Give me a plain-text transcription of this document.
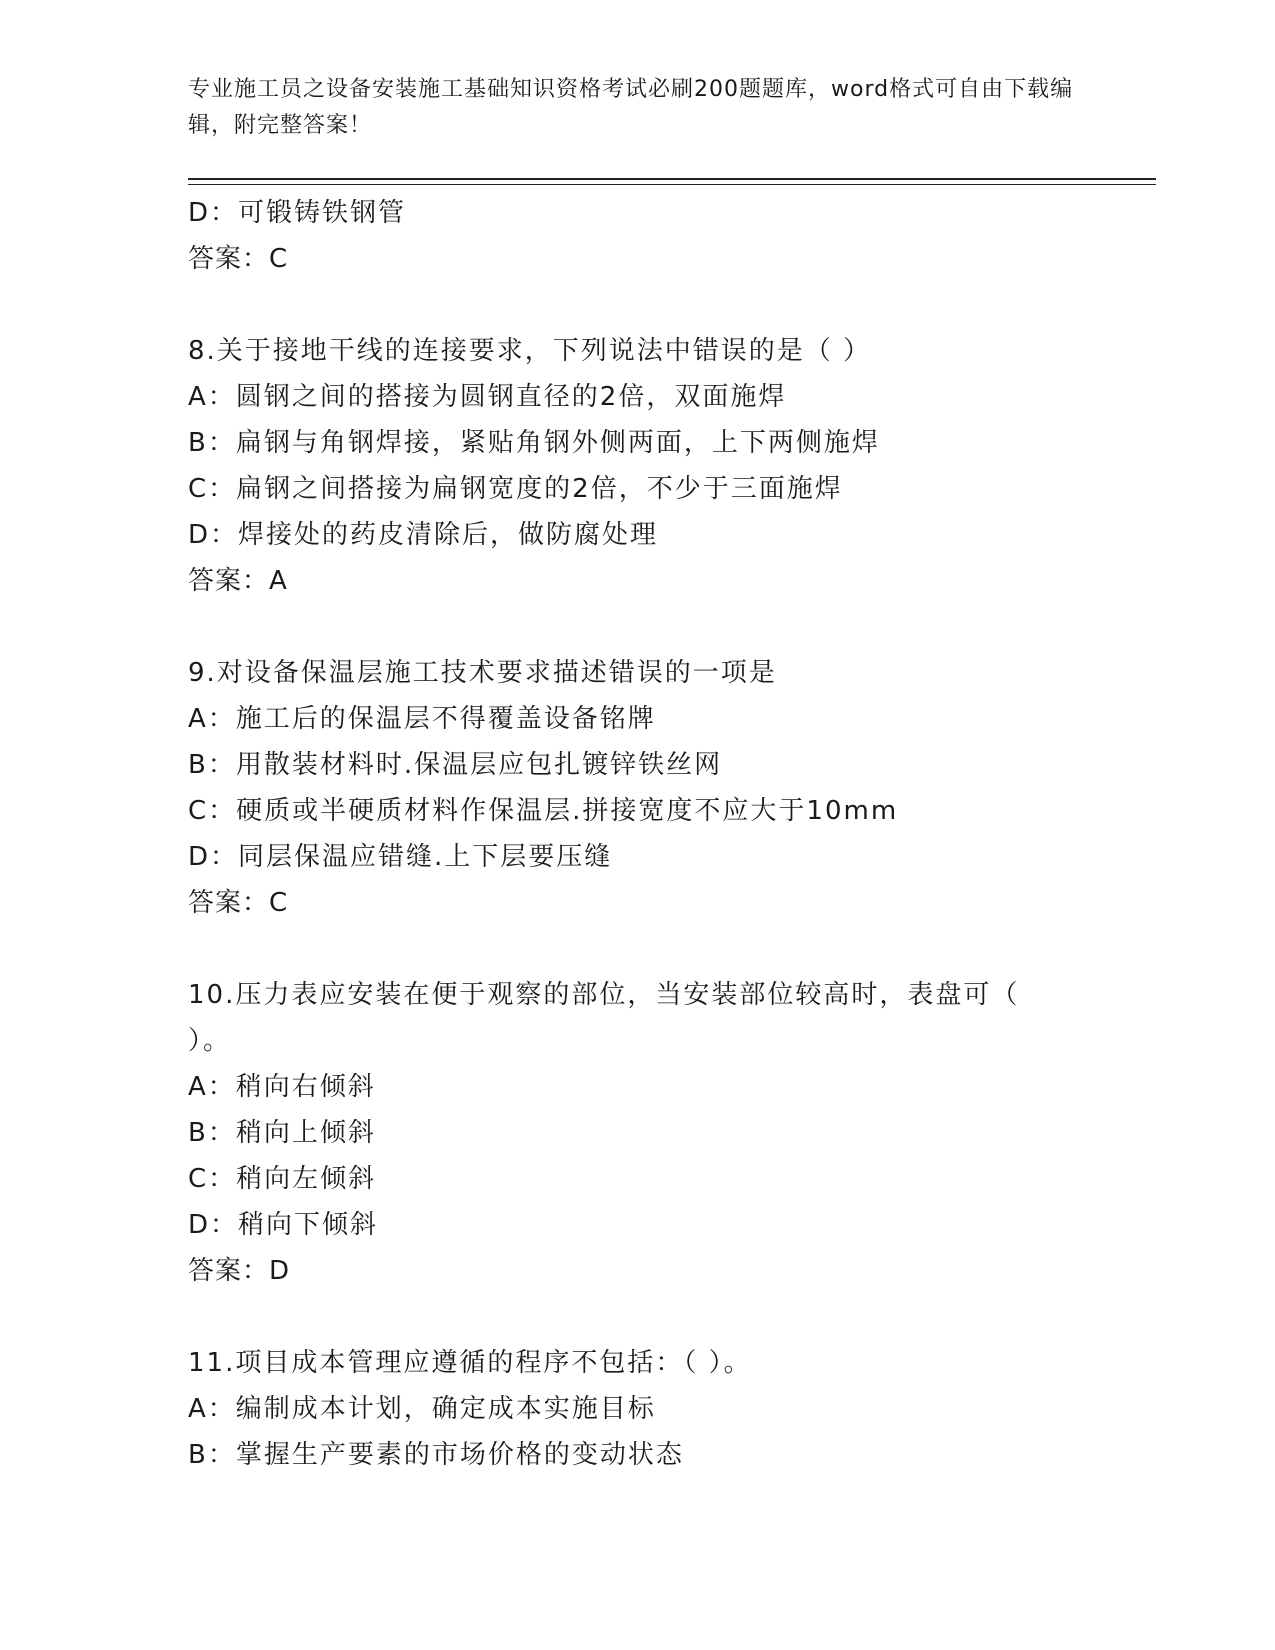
专业施工员之设备安装施工基础知识资格考试必刷200题题库，word格式可自由下载编辑，附完整答案！
D：可锻铸铁钢管
答案：C
8.关于接地干线的连接要求，下列说法中错误的是（ ）
A：圆钢之间的搭接为圆钢直径的2倍，双面施焊
B：扁钢与角钢焊接，紧贴角钢外侧两面，上下两侧施焊
C：扁钢之间搭接为扁钢宽度的2倍，不少于三面施焊
D：焊接处的药皮清除后，做防腐处理
答案：A
9.对设备保温层施工技术要求描述错误的一项是
A：施工后的保温层不得覆盖设备铭牌
B：用散装材料时.保温层应包扎镀锌铁丝网
C：硬质或半硬质材料作保温层.拼接宽度不应大于10mm
D：同层保温应错缝.上下层要压缝
答案：C
10.压力表应安装在便于观察的部位，当安装部位较高时，表盘可（ ）。
A：稍向右倾斜
B：稍向上倾斜
C：稍向左倾斜
D：稍向下倾斜
答案：D
11.项目成本管理应遵循的程序不包括：（ ）。
A：编制成本计划，确定成本实施目标
B：掌握生产要素的市场价格的变动状态
